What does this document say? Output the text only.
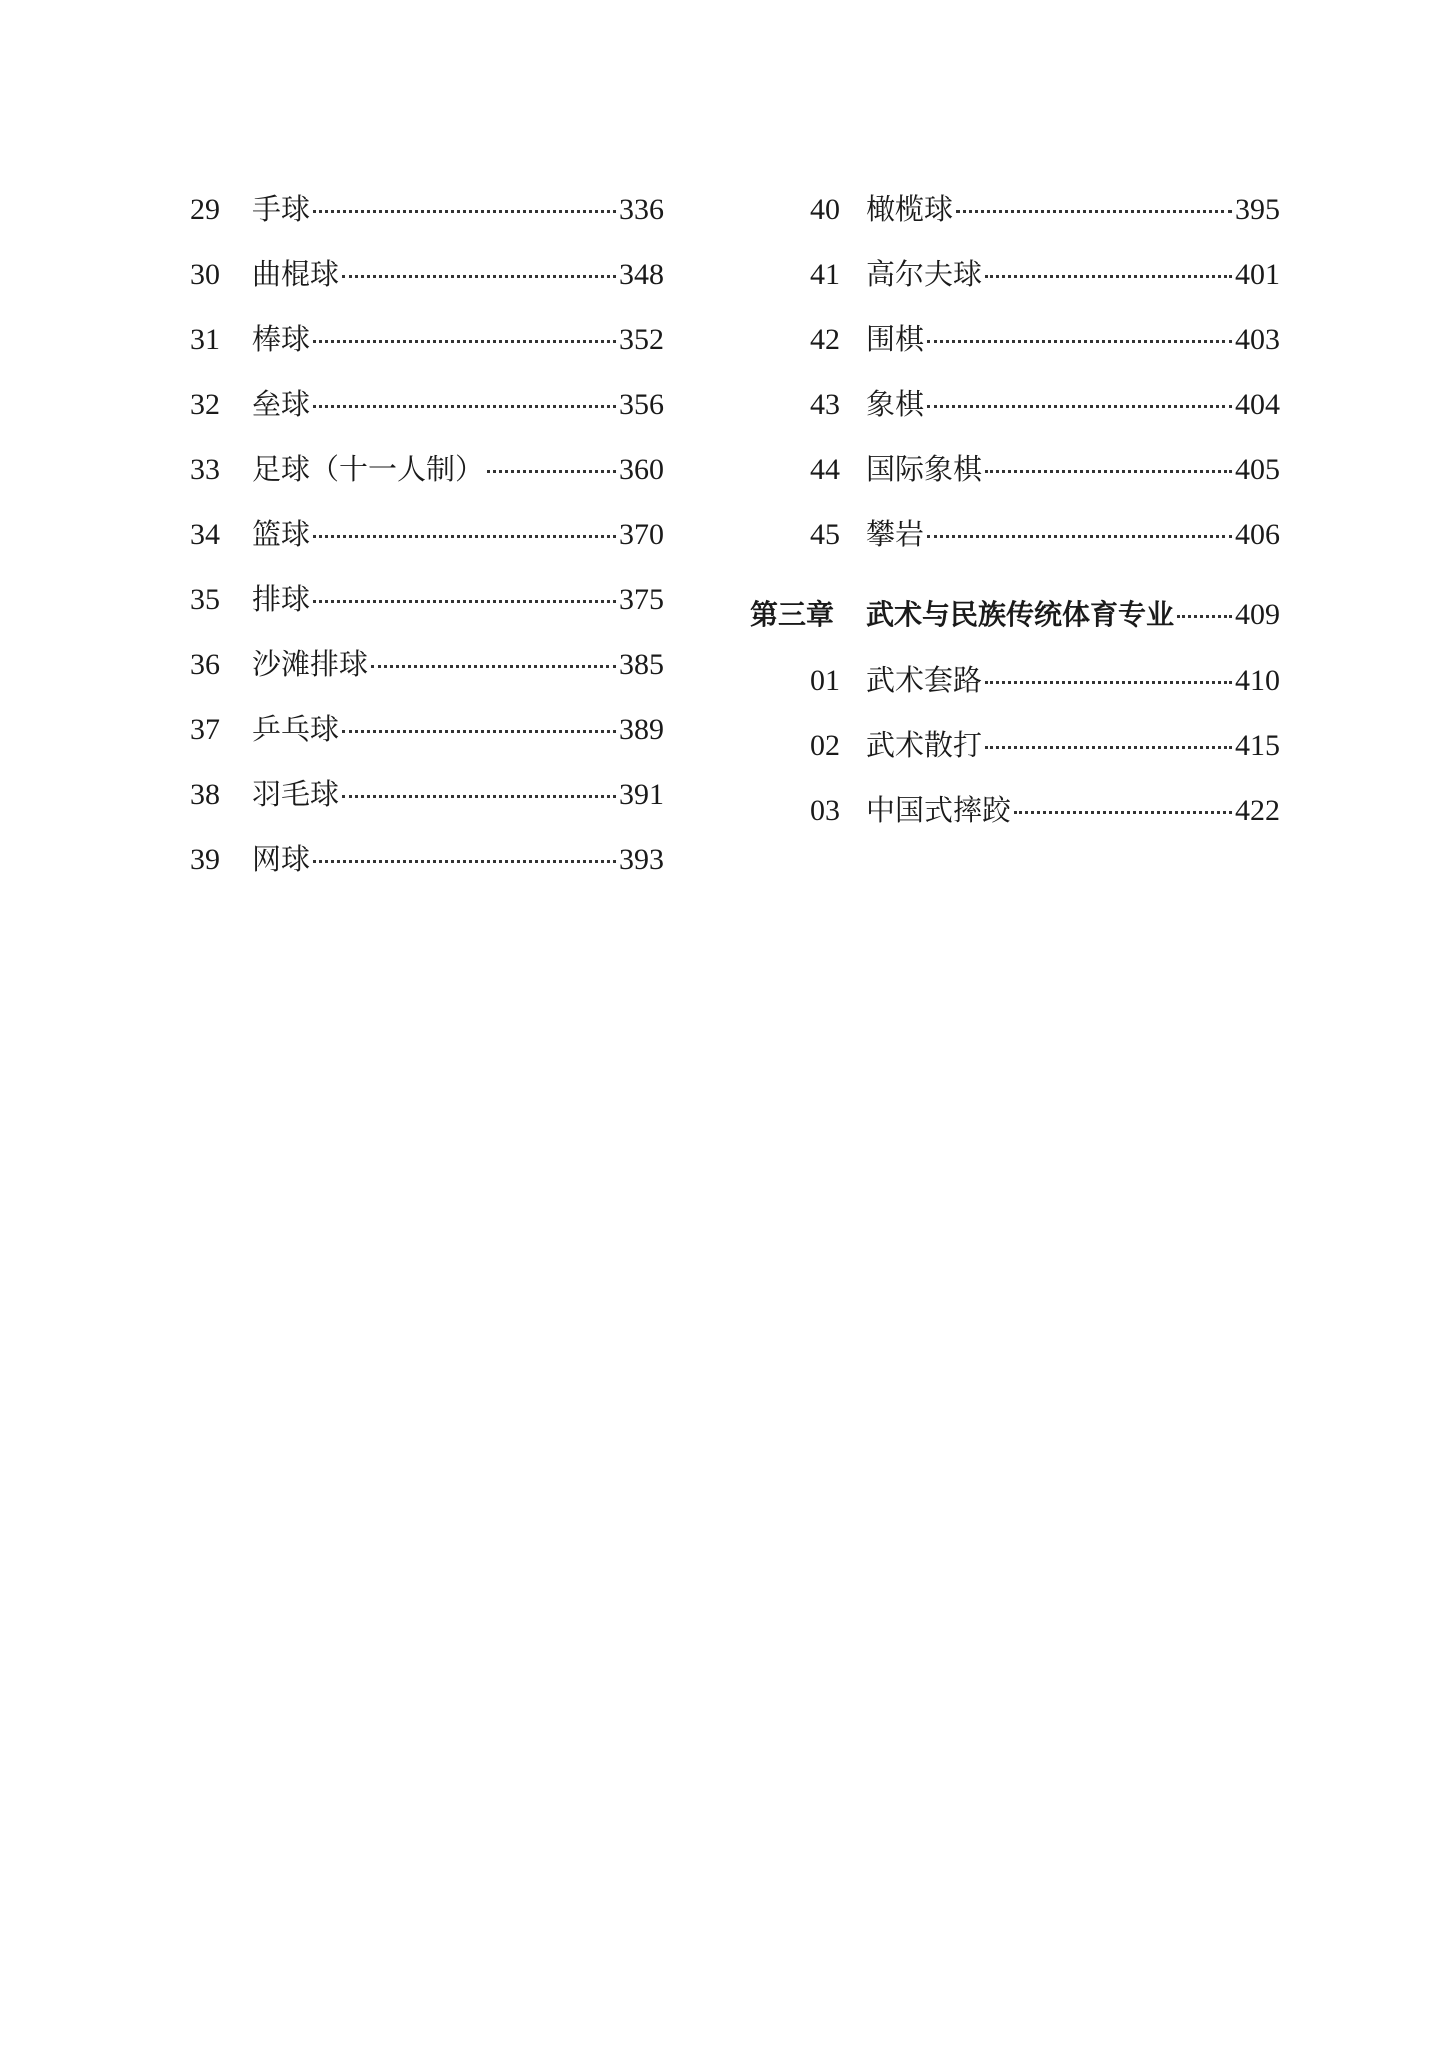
29	手球	336
30	曲棍球	348
31	棒球	352
32	垒球	356
33	足球（十一人制）	360
34	篮球	370
35	排球	375
36	沙滩排球	385
37	乒乓球	389
38	羽毛球	391
39	网球	393
40 橄榄球	395
41 高尔夫球	401
42 围棋	403
43 象棋	404
44 国际象棋	405
45 攀岩	406
第三章	武术与民族传统体育专业 409
01 武术套路	410
02 武术散打	415
03 中国式摔跤	422
